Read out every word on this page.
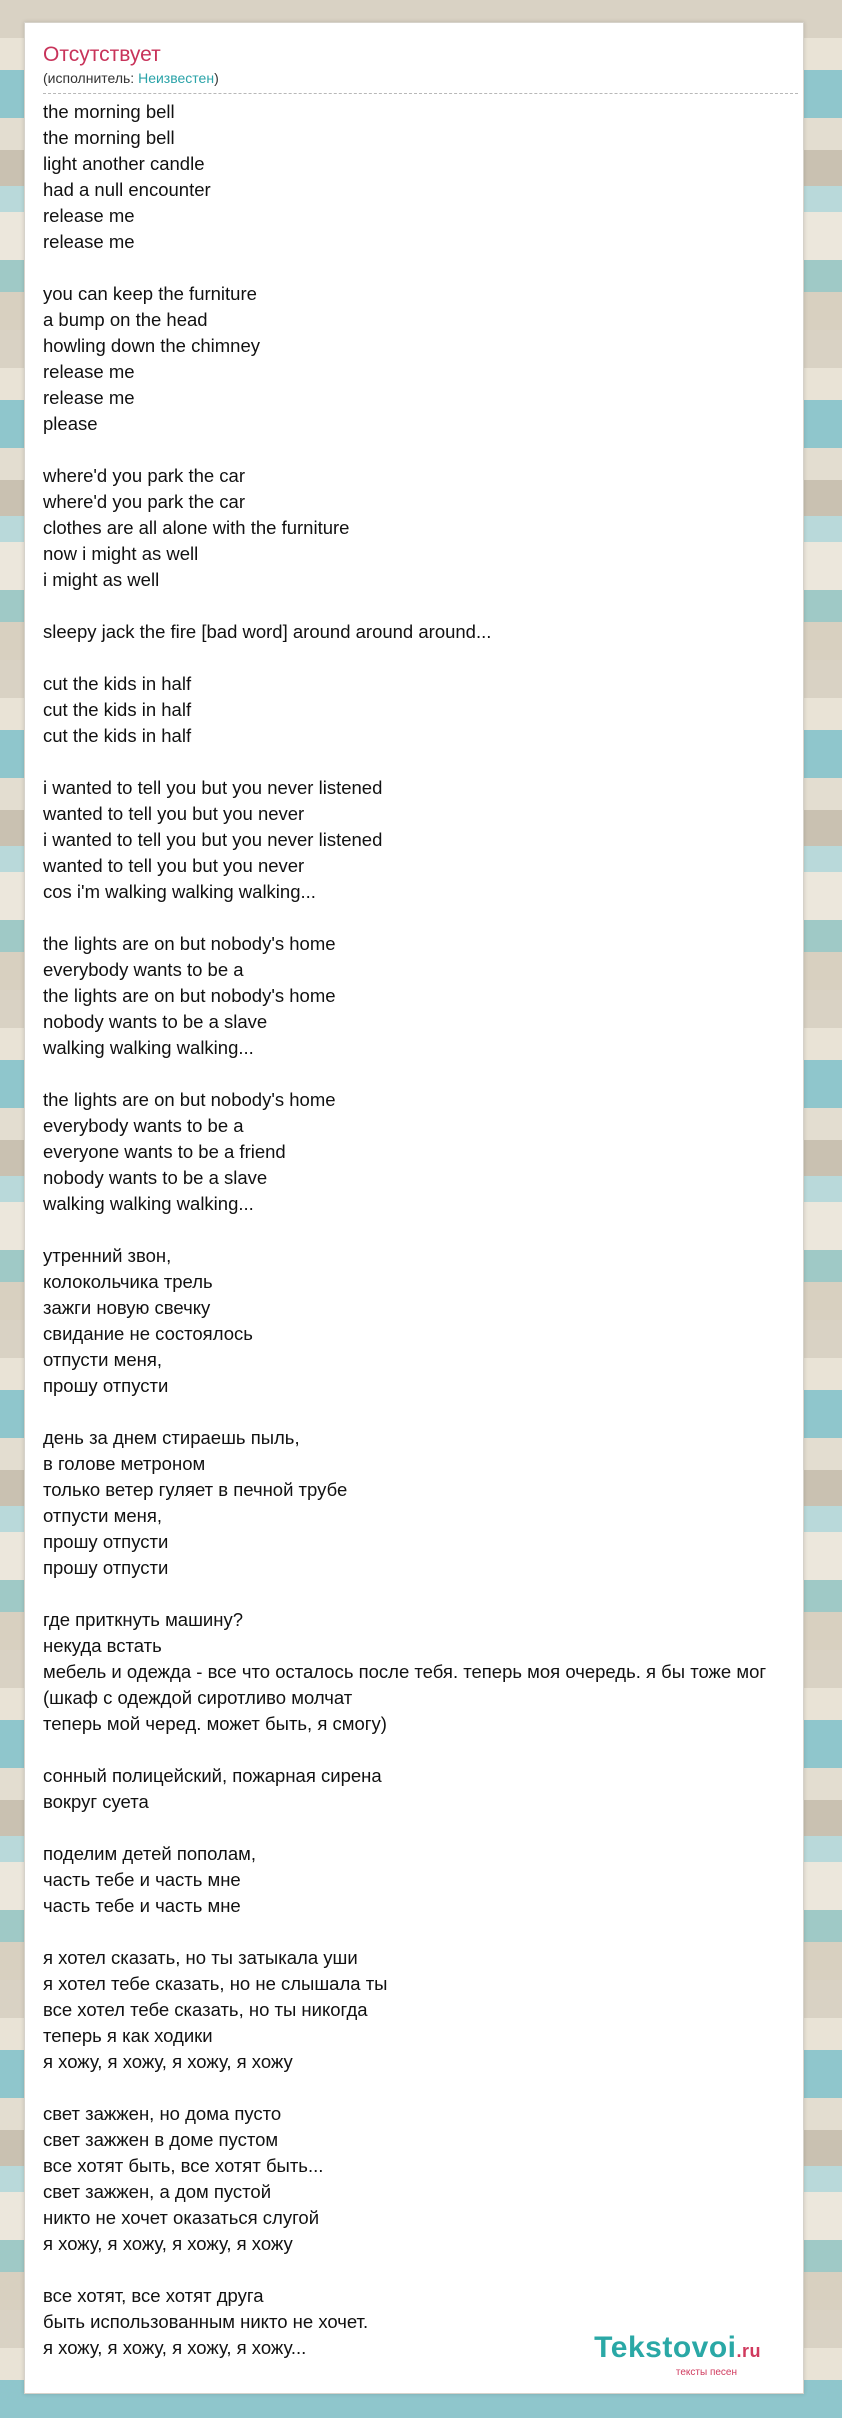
Отсутствует

(исполнитель: Неизвестен)

the morning bell
the morning bell
light another candle
had a null encounter
release me
release me
you can keep the furniture
a bump on the head
howling down the chimney
release me
release me
please
where'd you park the car
where'd you park the car
clothes are all alone with the furniture
now i might as well
i might as well
sleepy jack the fire [bad word] around around around...
cut the kids in half
cut the kids in half
cut the kids in half
i wanted to tell you but you never listened
wanted to tell you but you never
i wanted to tell you but you never listened
wanted to tell you but you never
cos i'm walking walking walking...
the lights are on but nobody's home
everybody wants to be a
the lights are on but nobody's home
nobody wants to be a slave
walking walking walking...
the lights are on but nobody's home
everybody wants to be a
everyone wants to be a friend
nobody wants to be a slave
walking walking walking...
утренний звон,
колокольчика трель
зажги новую свечку
свидание не состоялось
отпусти меня,
прошу отпусти
день за днем стираешь пыль,
в голове метроном
только ветер гуляет в печной трубе
отпусти меня,
прошу отпусти
прошу отпусти
где приткнуть машину?
некуда встать
мебель и одежда - все что осталось после тебя. теперь моя очередь. я бы тоже мог
(шкаф с одеждой сиротливо молчат
теперь мой черед. может быть, я смогу)
сонный полицейский, пожарная сирена
вокруг суета
поделим детей пополам,
часть тебе и часть мне
часть тебе и часть мне
я хотел сказать, но ты затыкала уши
я хотел тебе сказать, но не слышала ты
все хотел тебе сказать, но ты никогда
теперь я как ходики
я хожу, я хожу, я хожу, я хожу
свет зажжен, но дома пусто
свет зажжен в доме пустом
все хотят быть, все хотят быть...
свет зажжен, а дом пустой
никто не хочет оказаться слугой
я хожу, я хожу, я хожу, я хожу
все хотят, все хотят друга
быть использованным никто не хочет.
я хожу, я хожу, я хожу, я хожу...	Tekstovoi.ru
тексты песен
